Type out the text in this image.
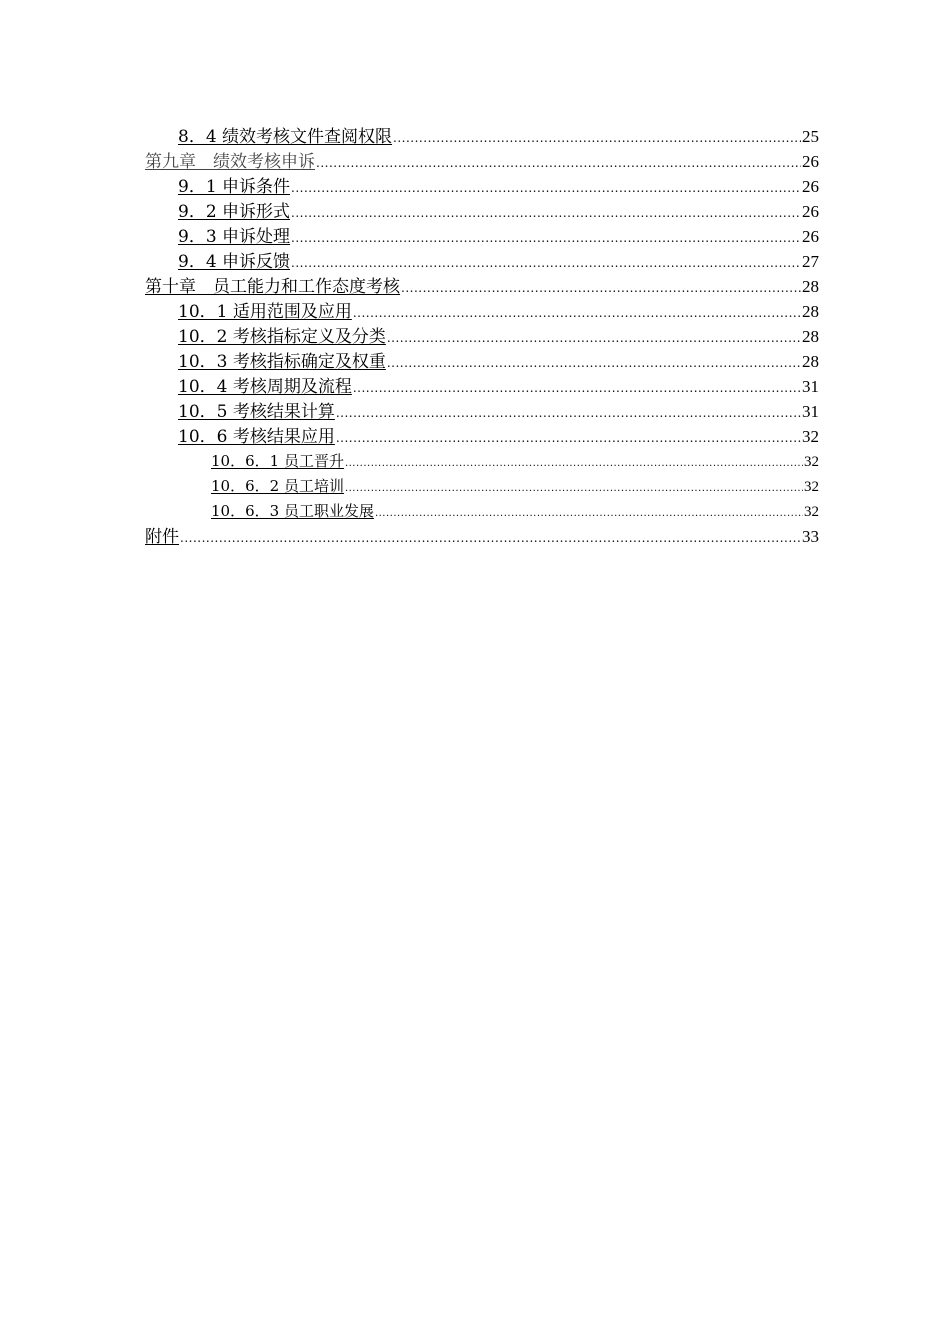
8．4 绩效考核文件查阅权限 .....	25
第九章　绩效考核申诉 .....	26
9．1 申诉条件 .....	26
9．2 申诉形式 .....	26
9．3 申诉处理 .....	26
9．4 申诉反馈 .....	27
第十章　员工能力和工作态度考核 .....	28
10．1 适用范围及应用 .....	28
10．2 考核指标定义及分类 .....	28
10．3 考核指标确定及权重 .....	28
10．4 考核周期及流程 .....	31
10．5 考核结果计算 .....	31
10．6 考核结果应用 .....	32
10．6．1 员工晋升 .....	32
10．6．2 员工培训 .....	32
10．6．3 员工职业发展 .....	32
附件 .....	33
